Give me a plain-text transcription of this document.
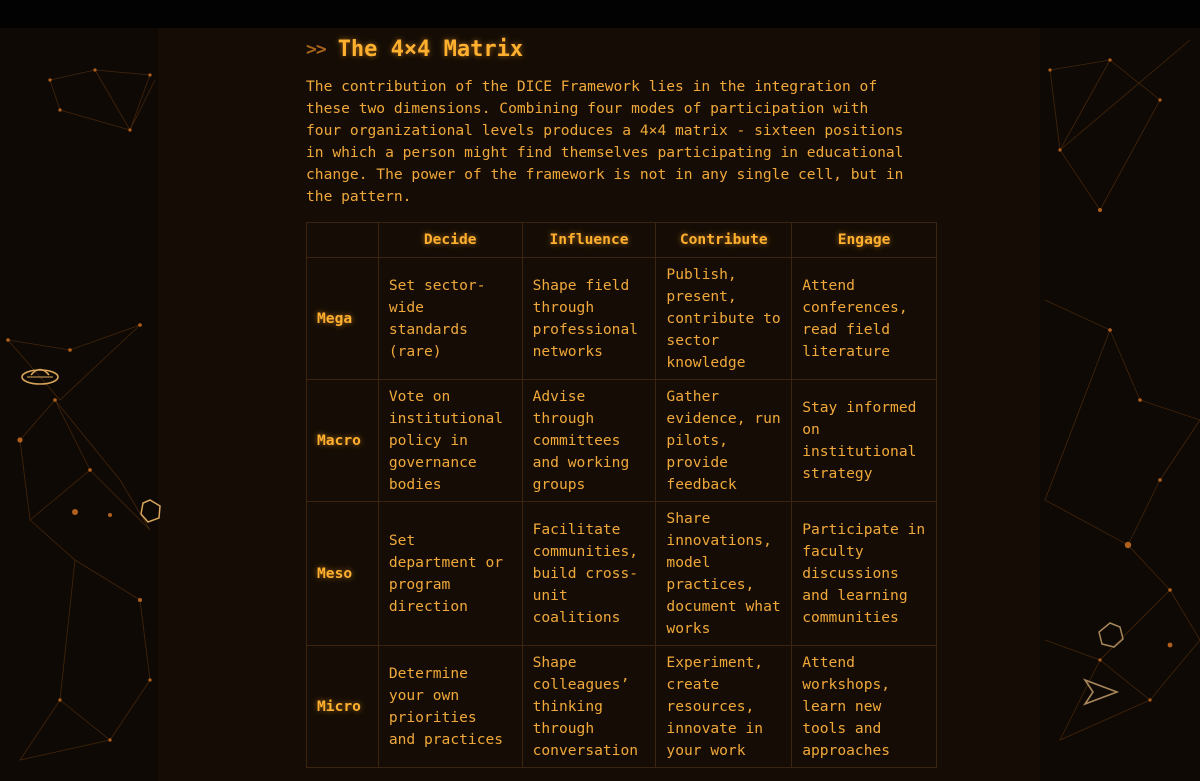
>> The 4×4 Matrix

The contribution of the DICE Framework lies in the integration of these two dimensions. Combining four modes of participation with four organizational levels produces a 4×4 matrix - sixteen positions in which a person might find themselves participating in educational change. The power of the framework is not in any single cell, but in the pattern.

	Decide	Influence	Contribute	Engage
Mega	Set sector-wide standards (rare)	Shape field through professional networks	Publish, present, contribute to sector knowledge	Attend conferences, read field literature
Macro	Vote on institutional policy in governance bodies	Advise through committees and working groups	Gather evidence, run pilots, provide feedback	Stay informed on institutional strategy
Meso	Set department or program direction	Facilitate communities, build cross-unit coalitions	Share innovations, model practices, document what works	Participate in faculty discussions and learning communities
Micro	Determine your own priorities and practices	Shape colleagues’ thinking through conversation	Experiment, create resources, innovate in your work	Attend workshops, learn new tools and approaches
